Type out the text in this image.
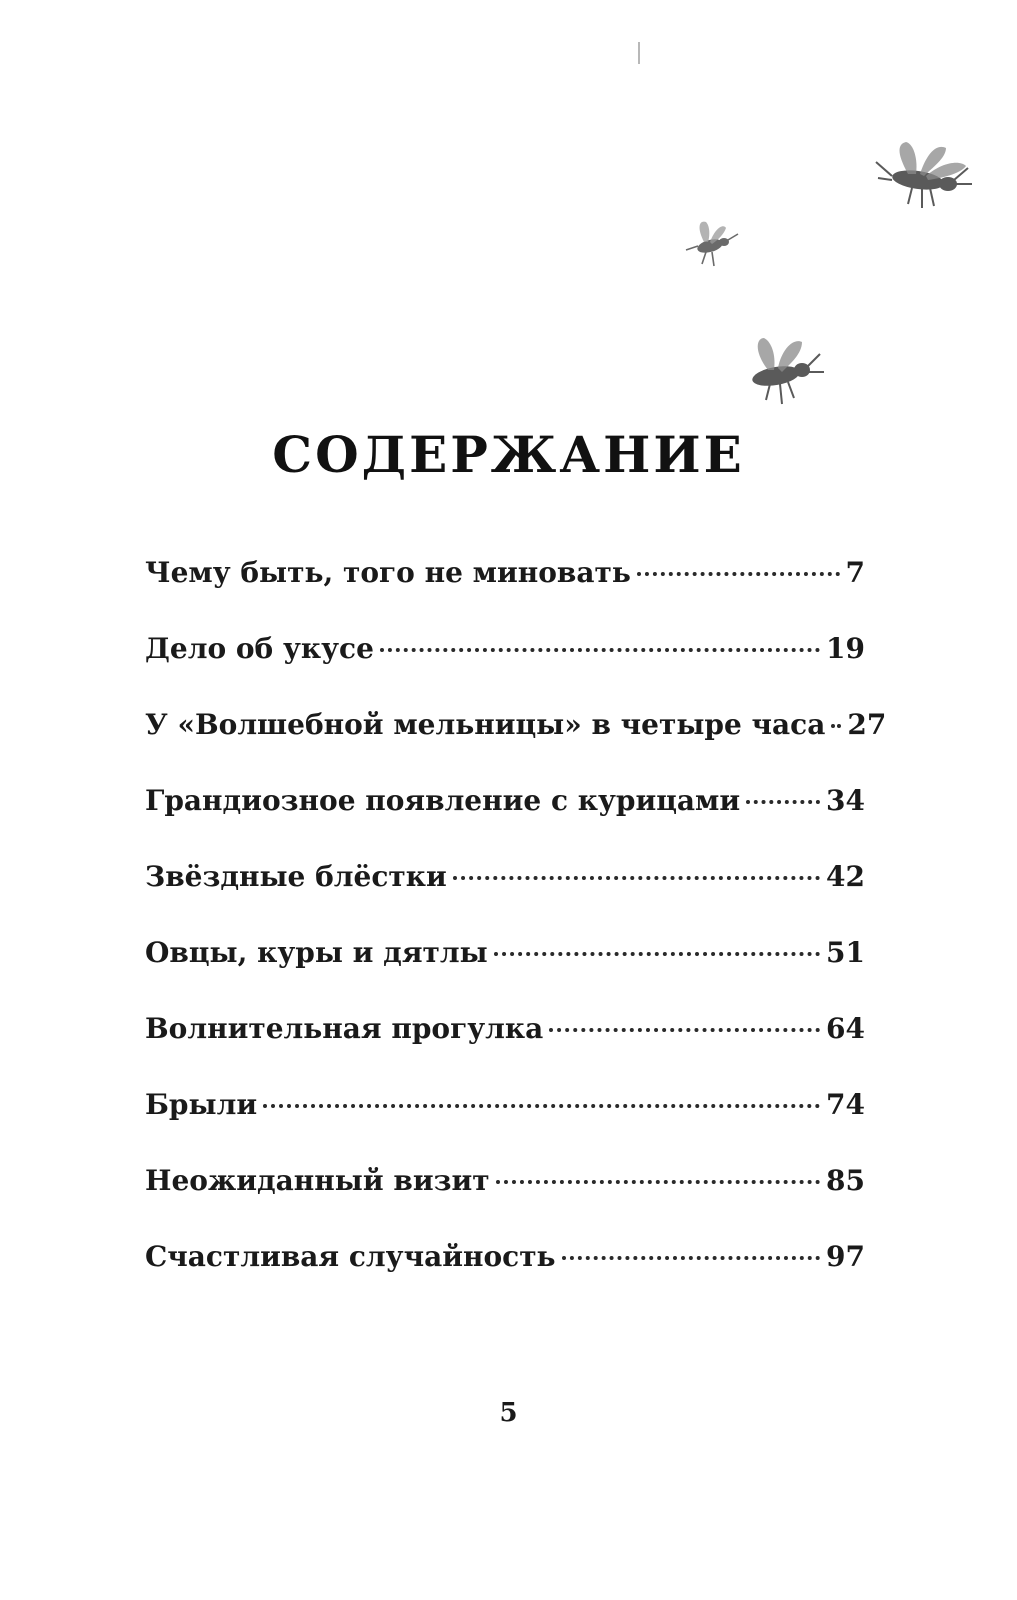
СОДЕРЖАНИЕ
Чему быть, того не миновать	7
Дело об укусе	19
У «Волшебной мельницы» в четыре часа 27
Грандиозное появление с курицами	34
Звёздные блёстки	42
Овцы, куры и дятлы	51
Волнительная прогулка	64
Брыли	74
Неожиданный визит	85
Счастливая случайность	97
5
